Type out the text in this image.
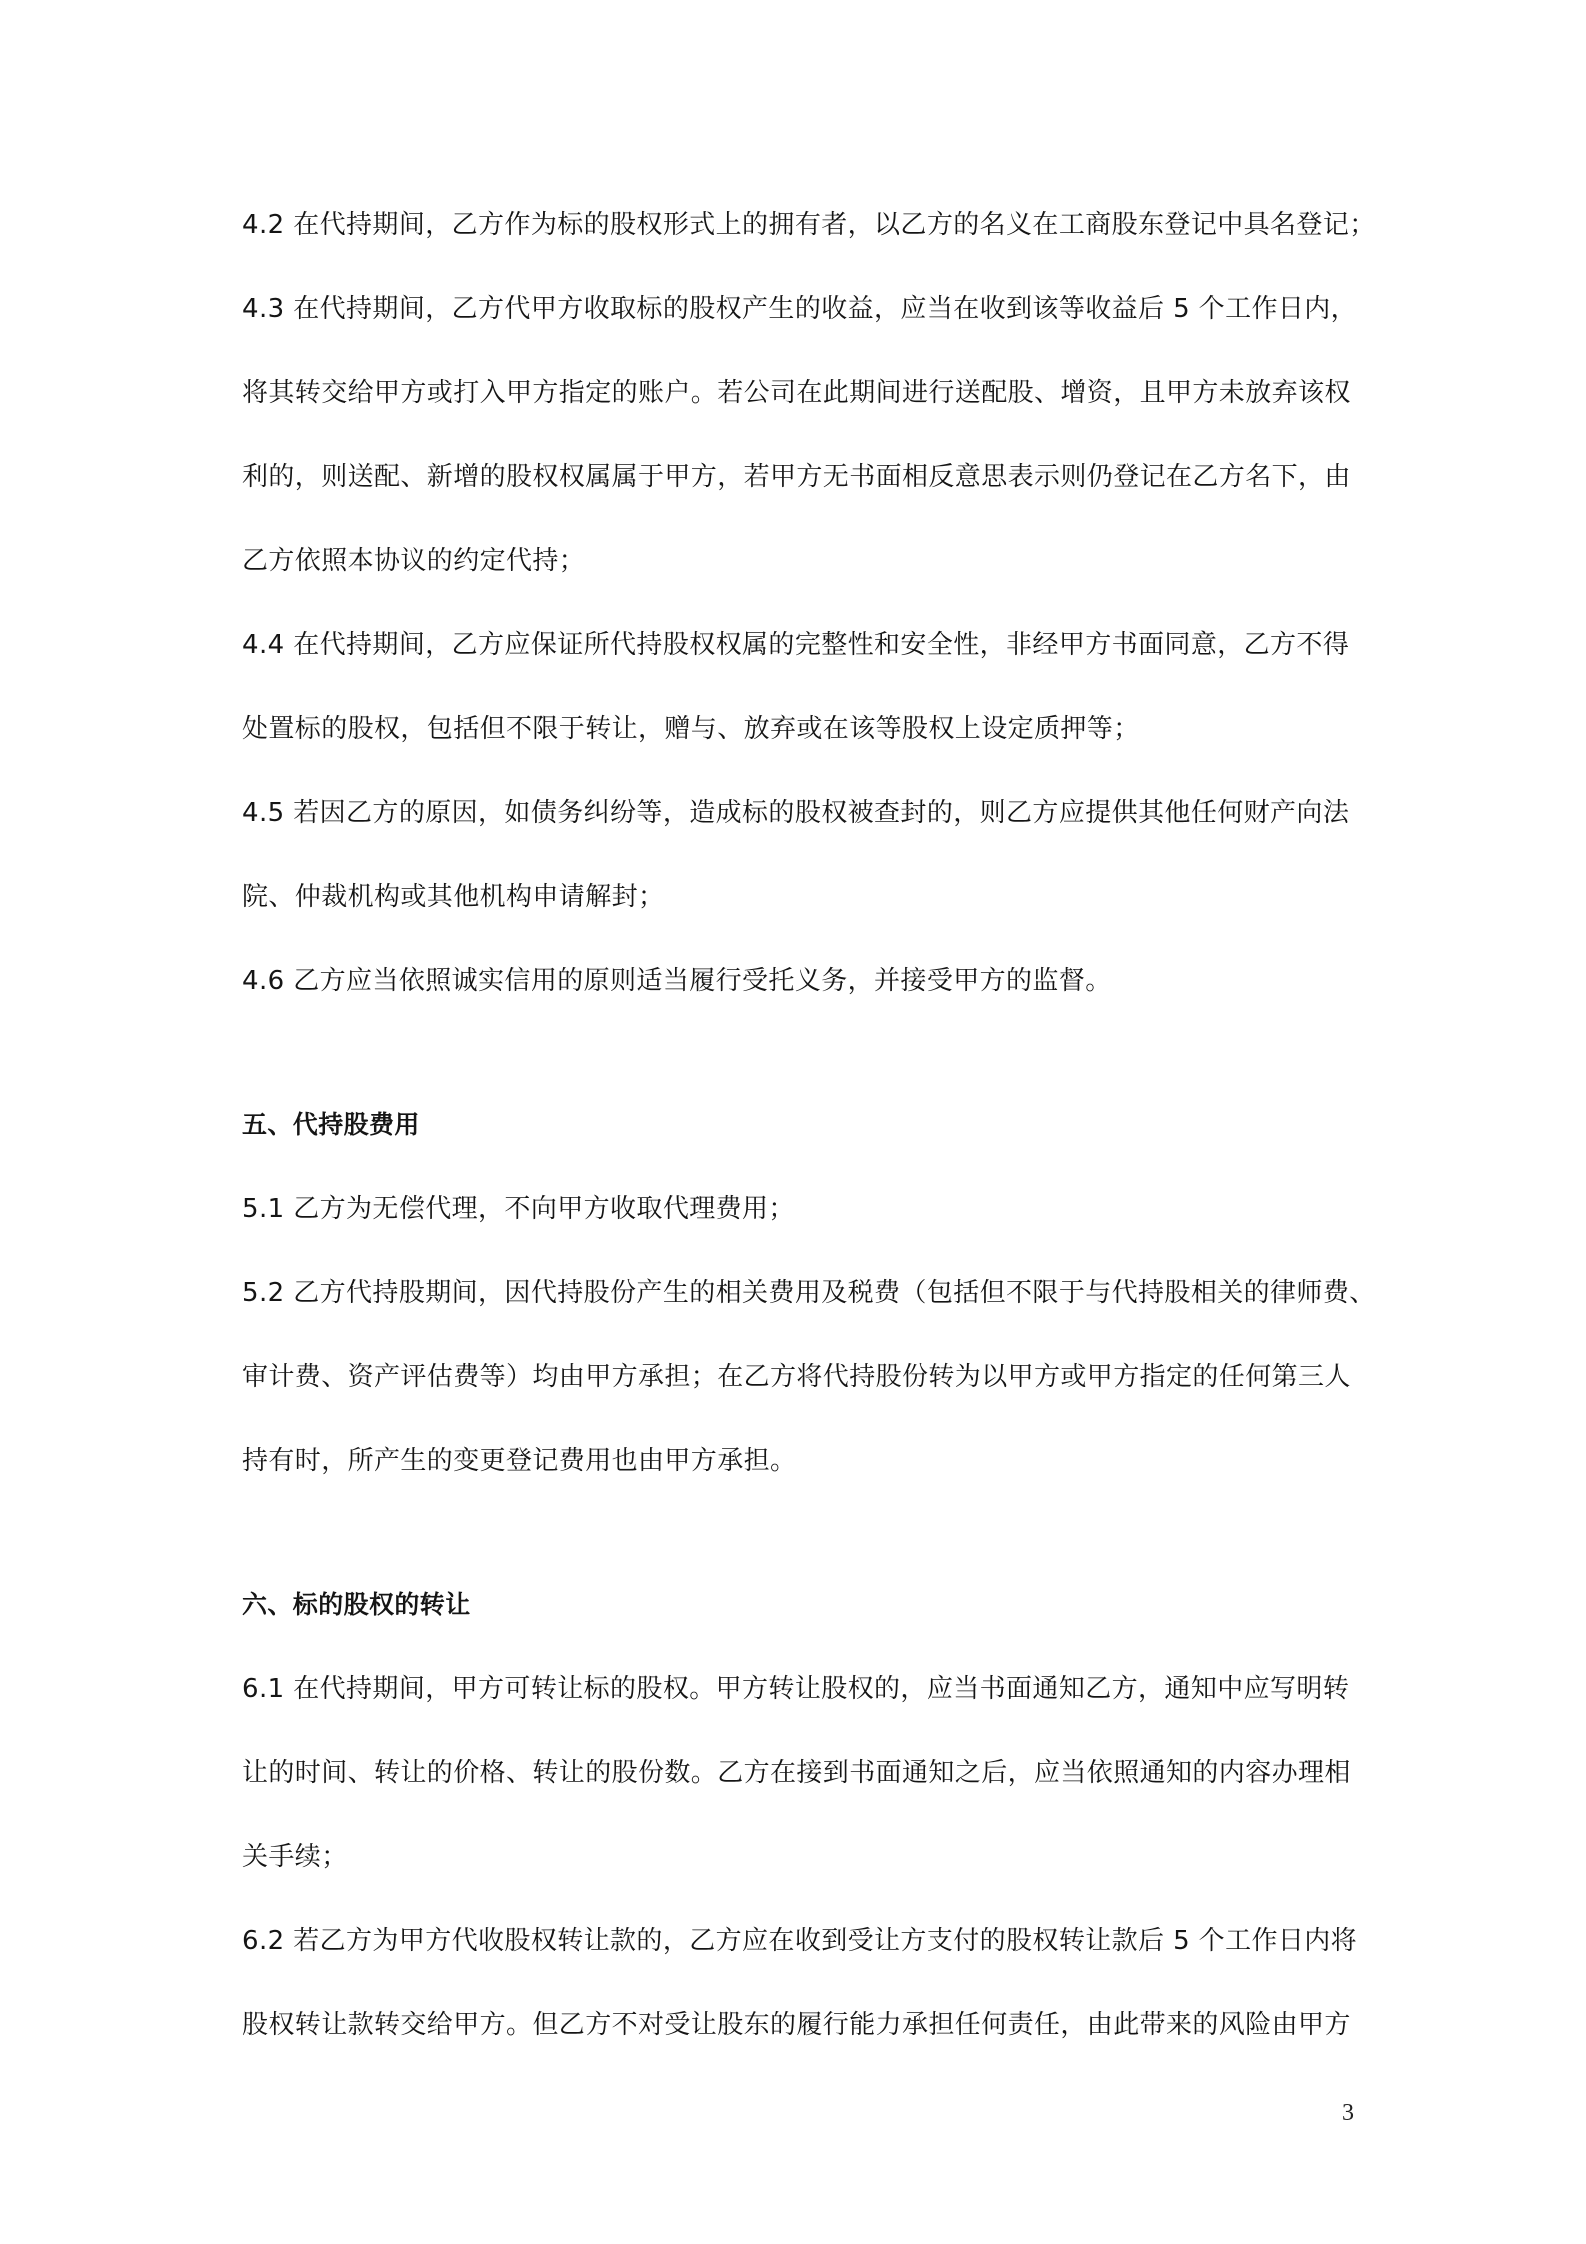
4.2 在代持期间，乙方作为标的股权形式上的拥有者，以乙方的名义在工商股东登记中具名登记；
4.3 在代持期间，乙方代甲方收取标的股权产生的收益，应当在收到该等收益后 5 个工作日内，
将其转交给甲方或打入甲方指定的账户。若公司在此期间进行送配股、增资，且甲方未放弃该权
利的，则送配、新增的股权权属属于甲方，若甲方无书面相反意思表示则仍登记在乙方名下，由
乙方依照本协议的约定代持；
4.4 在代持期间，乙方应保证所代持股权权属的完整性和安全性，非经甲方书面同意，乙方不得
处置标的股权，包括但不限于转让，赠与、放弃或在该等股权上设定质押等；
4.5 若因乙方的原因，如债务纠纷等，造成标的股权被查封的，则乙方应提供其他任何财产向法
院、仲裁机构或其他机构申请解封；
4.6 乙方应当依照诚实信用的原则适当履行受托义务，并接受甲方的监督。
五、代持股费用
5.1 乙方为无偿代理，不向甲方收取代理费用；
5.2 乙方代持股期间，因代持股份产生的相关费用及税费（包括但不限于与代持股相关的律师费、
审计费、资产评估费等）均由甲方承担；在乙方将代持股份转为以甲方或甲方指定的任何第三人
持有时，所产生的变更登记费用也由甲方承担。
六、标的股权的转让
6.1 在代持期间，甲方可转让标的股权。甲方转让股权的，应当书面通知乙方，通知中应写明转
让的时间、转让的价格、转让的股份数。乙方在接到书面通知之后，应当依照通知的内容办理相
关手续；
6.2 若乙方为甲方代收股权转让款的，乙方应在收到受让方支付的股权转让款后 5 个工作日内将
股权转让款转交给甲方。但乙方不对受让股东的履行能力承担任何责任，由此带来的风险由甲方
3
